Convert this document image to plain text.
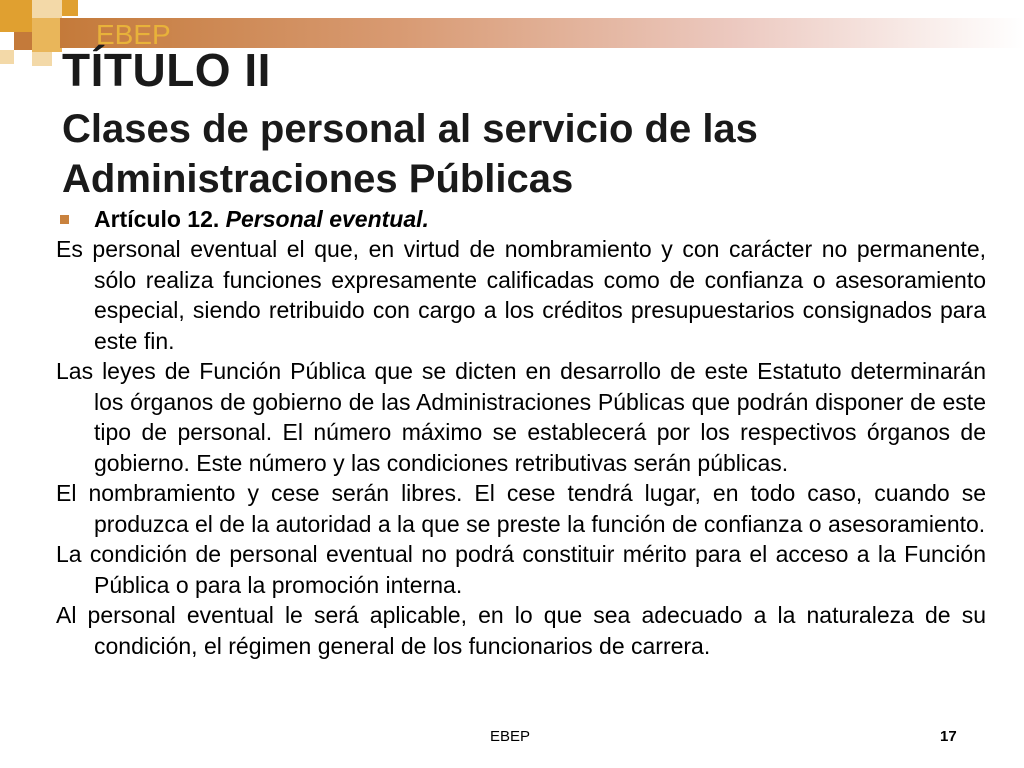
EBEP
TÍTULO II
Clases de personal al servicio de las Administraciones Públicas
Artículo 12. Personal eventual.

Es personal eventual el que, en virtud de nombramiento y con carácter no permanente, sólo realiza funciones expresamente calificadas como de confianza o asesoramiento especial, siendo retribuido con cargo a los créditos presupuestarios consignados para este fin.

Las leyes de Función Pública que se dicten en desarrollo de este Estatuto determinarán los órganos de gobierno de las Administraciones Públicas que podrán disponer de este tipo de personal. El número máximo se establecerá por los respectivos órganos de gobierno. Este número y las condiciones retributivas serán públicas.

El nombramiento y cese serán libres. El cese tendrá lugar, en todo caso, cuando se produzca el de la autoridad a la que se preste la función de confianza o asesoramiento.

La condición de personal eventual no podrá constituir mérito para el acceso a la Función Pública o para la promoción interna.

Al personal eventual le será aplicable, en lo que sea adecuado a la naturaleza de su condición, el régimen general de los funcionarios de carrera.

EBEP	17
